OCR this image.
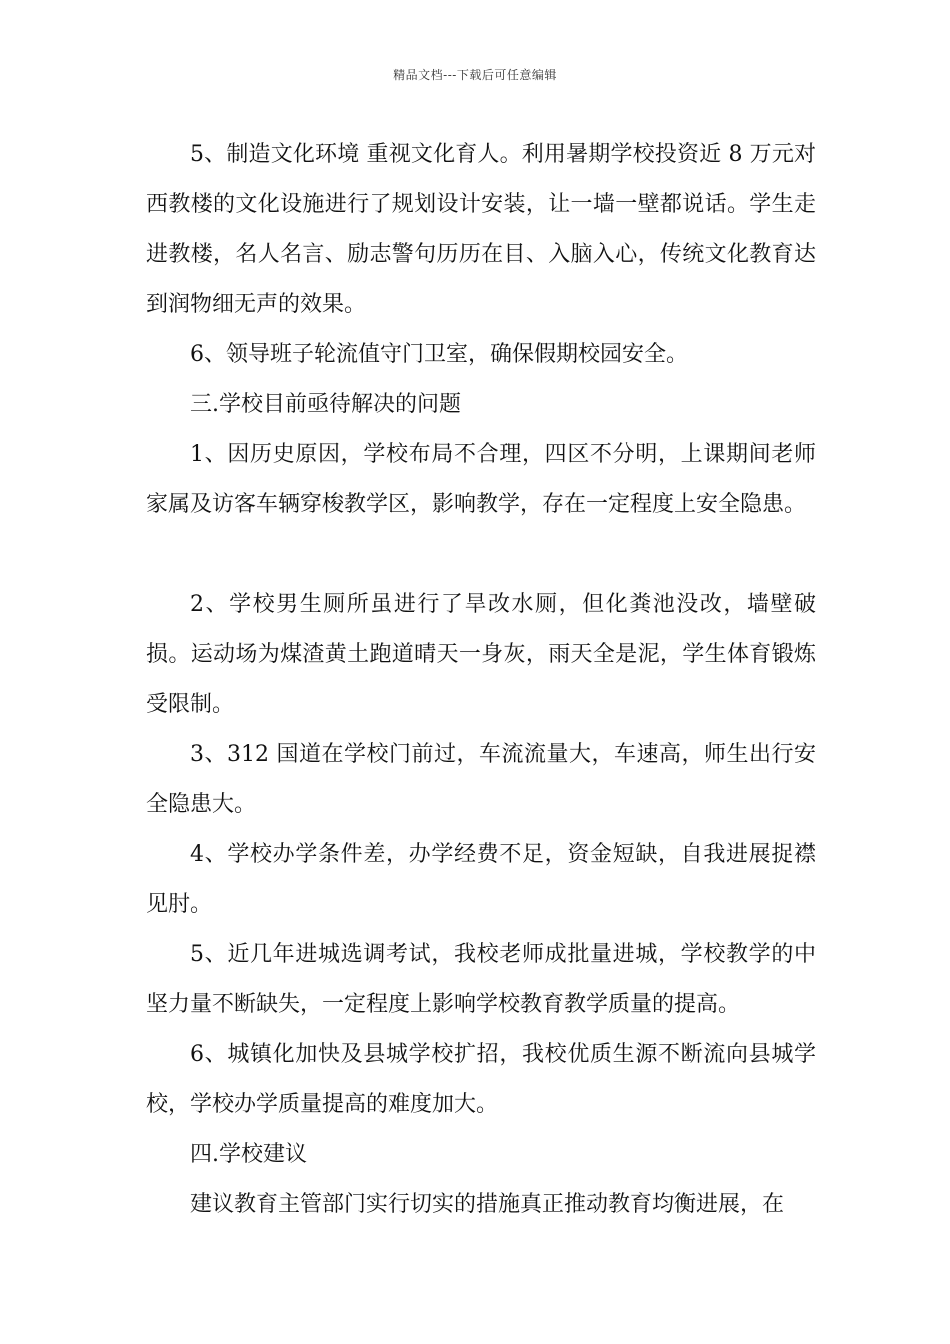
精品文档---下载后可任意编辑

5、制造文化环境 重视文化育人。利用暑期学校投资近 8 万元对西教楼的文化设施进行了规划设计安装，让一墙一壁都说话。学生走进教楼，名人名言、励志警句历历在目、入脑入心，传统文化教育达到润物细无声的效果。

6、领导班子轮流值守门卫室，确保假期校园安全。

三.学校目前亟待解决的问题

1、因历史原因，学校布局不合理，四区不分明，上课期间老师家属及访客车辆穿梭教学区，影响教学，存在一定程度上安全隐患。

2、学校男生厕所虽进行了旱改水厕，但化粪池没改，墙壁破损。运动场为煤渣黄土跑道晴天一身灰，雨天全是泥，学生体育锻炼受限制。

3、312 国道在学校门前过，车流流量大，车速高，师生出行安全隐患大。

4、学校办学条件差，办学经费不足，资金短缺，自我进展捉襟见肘。

5、近几年进城选调考试，我校老师成批量进城，学校教学的中坚力量不断缺失，一定程度上影响学校教育教学质量的提高。

6、城镇化加快及县城学校扩招，我校优质生源不断流向县城学校，学校办学质量提高的难度加大。

四.学校建议

建议教育主管部门实行切实的措施真正推动教育均衡进展，在
